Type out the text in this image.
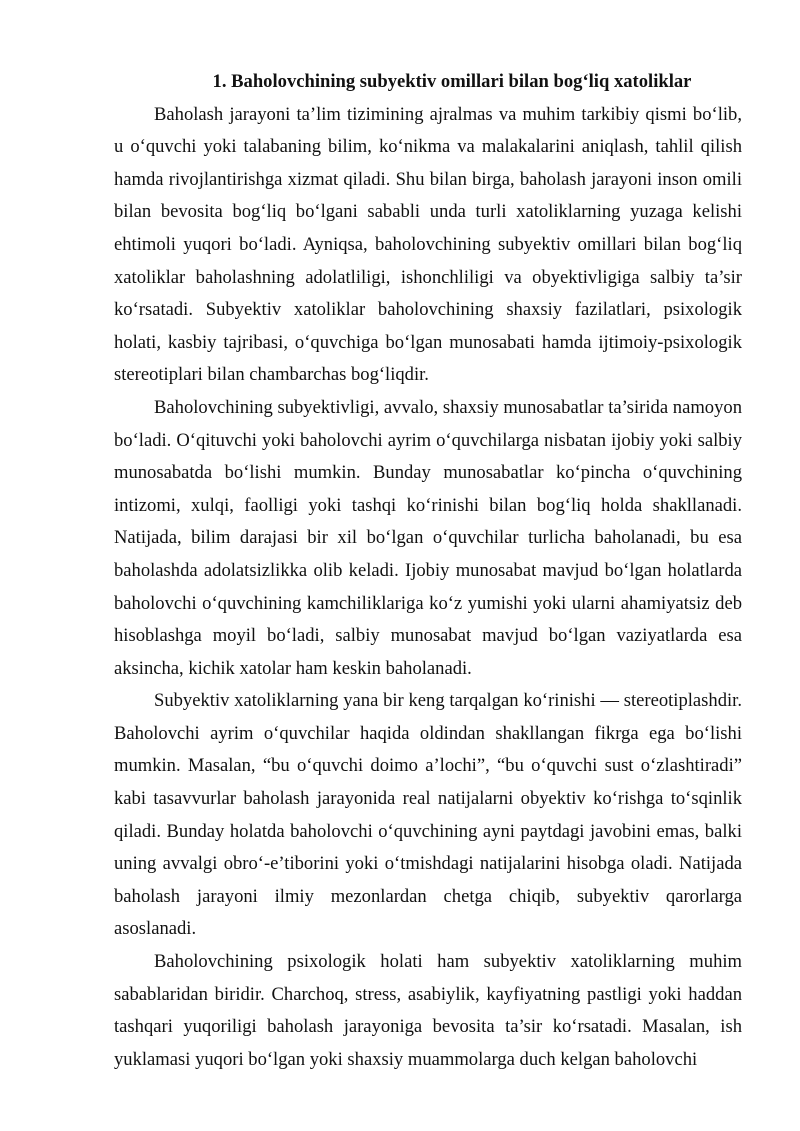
1. Baholovchining subyektiv omillari bilan bog‘liq xatoliklar

Baholash jarayoni ta’lim tizimining ajralmas va muhim tarkibiy qismi bo‘lib, u o‘quvchi yoki talabaning bilim, ko‘nikma va malakalarini aniqlash, tahlil qilish hamda rivojlantirishga xizmat qiladi. Shu bilan birga, baholash jarayoni inson omili bilan bevosita bog‘liq bo‘lgani sababli unda turli xatoliklarning yuzaga kelishi ehtimoli yuqori bo‘ladi. Ayniqsa, baholovchining subyektiv omillari bilan bog‘liq xatoliklar baholashning adolatliligi, ishonchliligi va obyektivligiga salbiy ta’sir ko‘rsatadi. Subyektiv xatoliklar baholovchining shaxsiy fazilatlari, psixologik holati, kasbiy tajribasi, o‘quvchiga bo‘lgan munosabati hamda ijtimoiy-psixologik stereotiplari bilan chambarchas bog‘liqdir.

Baholovchining subyektivligi, avvalo, shaxsiy munosabatlar ta’sirida namoyon bo‘ladi. O‘qituvchi yoki baholovchi ayrim o‘quvchilarga nisbatan ijobiy yoki salbiy munosabatda bo‘lishi mumkin. Bunday munosabatlar ko‘pincha o‘quvchining intizomi, xulqi, faolligi yoki tashqi ko‘rinishi bilan bog‘liq holda shakllanadi. Natijada, bilim darajasi bir xil bo‘lgan o‘quvchilar turlicha baholanadi, bu esa baholashda adolatsizlikka olib keladi. Ijobiy munosabat mavjud bo‘lgan holatlarda baholovchi o‘quvchining kamchiliklariga ko‘z yumishi yoki ularni ahamiyatsiz deb hisoblashga moyil bo‘ladi, salbiy munosabat mavjud bo‘lgan vaziyatlarda esa aksincha, kichik xatolar ham keskin baholanadi.

Subyektiv xatoliklarning yana bir keng tarqalgan ko‘rinishi — stereotiplashdir. Baholovchi ayrim o‘quvchilar haqida oldindan shakllangan fikrga ega bo‘lishi mumkin. Masalan, “bu o‘quvchi doimo a’lochi”, “bu o‘quvchi sust o‘zlashtiradi” kabi tasavvurlar baholash jarayonida real natijalarni obyektiv ko‘rishga to‘sqinlik qiladi. Bunday holatda baholovchi o‘quvchining ayni paytdagi javobini emas, balki uning avvalgi obro‘-e’tiborini yoki o‘tmishdagi natijalarini hisobga oladi. Natijada baholash jarayoni ilmiy mezonlardan chetga chiqib, subyektiv qarorlarga asoslanadi.

Baholovchining psixologik holati ham subyektiv xatoliklarning muhim sabablaridan biridir. Charchoq, stress, asabiylik, kayfiyatning pastligi yoki haddan tashqari yuqoriligi baholash jarayoniga bevosita ta’sir ko‘rsatadi. Masalan, ish yuklamasi yuqori bo‘lgan yoki shaxsiy muammolarga duch kelgan baholovchi
